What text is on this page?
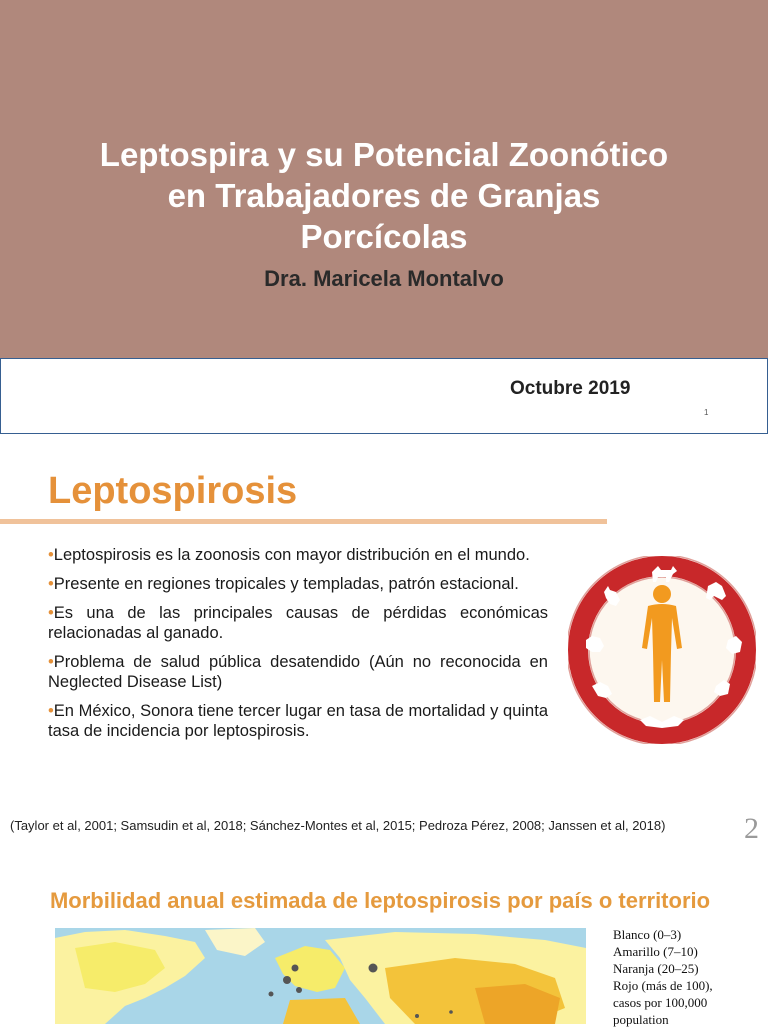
Leptospira y su Potencial Zoonótico
en Trabajadores de Granjas
Porcícolas
Dra. Maricela Montalvo
Octubre 2019
1
Leptospirosis
•Leptospirosis es la zoonosis con mayor distribución en el mundo.
•Presente en regiones tropicales y templadas, patrón estacional.
•Es una de las principales causas de pérdidas económicas relacionadas al ganado.
•Problema de salud pública desatendido (Aún no reconocida en Neglected Disease List)
•En México, Sonora tiene tercer lugar en tasa de mortalidad y quinta tasa de incidencia por leptospirosis.
2
(Taylor et al, 2001; Samsudin et al, 2018; Sánchez-Montes et al, 2015; Pedroza Pérez, 2008; Janssen et al, 2018)
Morbilidad anual estimada de leptospirosis por país o territorio
Blanco (0–3)
Amarillo (7–10)
Naranja (20–25)
Rojo (más de 100),
casos por 100,000
population
